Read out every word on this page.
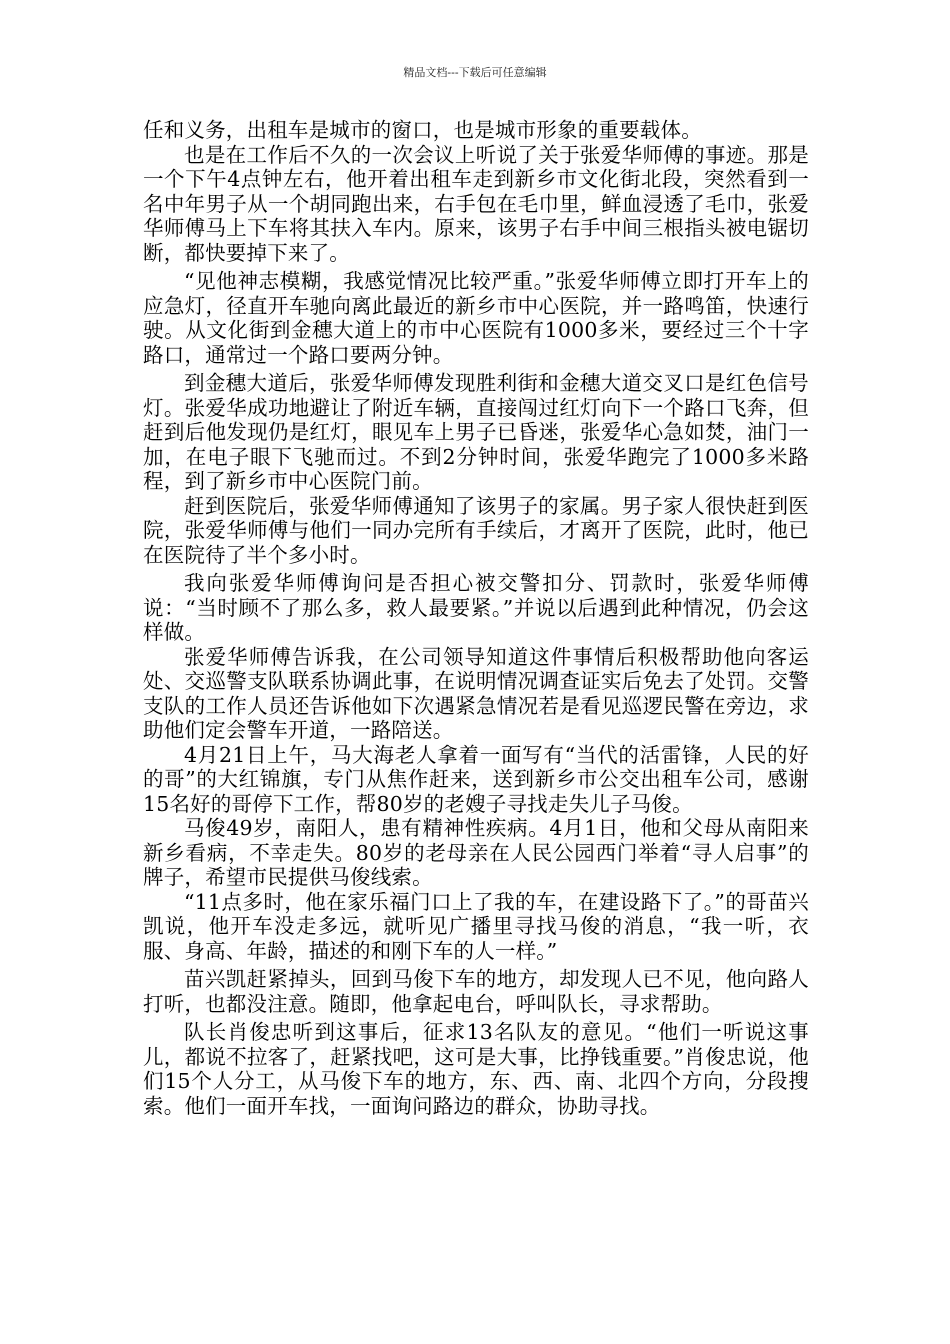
精品文档---下载后可任意编辑

任和义务，出租车是城市的窗口，也是城市形象的重要载体。

也是在工作后不久的一次会议上听说了关于张爱华师傅的事迹。那是一个下午4点钟左右，他开着出租车走到新乡市文化街北段，突然看到一名中年男子从一个胡同跑出来，右手包在毛巾里，鲜血浸透了毛巾，张爱华师傅马上下车将其扶入车内。原来，该男子右手中间三根指头被电锯切断，都快要掉下来了。

“见他神志模糊，我感觉情况比较严重。”张爱华师傅立即打开车上的应急灯，径直开车驰向离此最近的新乡市中心医院，并一路鸣笛，快速行驶。从文化街到金穗大道上的市中心医院有1000多米，要经过三个十字路口，通常过一个路口要两分钟。

到金穗大道后，张爱华师傅发现胜利街和金穗大道交叉口是红色信号灯。张爱华成功地避让了附近车辆，直接闯过红灯向下一个路口飞奔，但赶到后他发现仍是红灯，眼见车上男子已昏迷，张爱华心急如焚，油门一加，在电子眼下飞驰而过。不到2分钟时间，张爱华跑完了1000多米路程，到了新乡市中心医院门前。

赶到医院后，张爱华师傅通知了该男子的家属。男子家人很快赶到医院，张爱华师傅与他们一同办完所有手续后，才离开了医院，此时，他已在医院待了半个多小时。

我向张爱华师傅询问是否担心被交警扣分、罚款时，张爱华师傅说：“当时顾不了那么多，救人最要紧。”并说以后遇到此种情况，仍会这样做。

张爱华师傅告诉我，在公司领导知道这件事情后积极帮助他向客运处、交巡警支队联系协调此事，在说明情况调查证实后免去了处罚。交警支队的工作人员还告诉他如下次遇紧急情况若是看见巡逻民警在旁边，求助他们定会警车开道，一路陪送。

4月21日上午，马大海老人拿着一面写有“当代的活雷锋，人民的好的哥”的大红锦旗，专门从焦作赶来，送到新乡市公交出租车公司，感谢15名好的哥停下工作，帮80岁的老嫂子寻找走失儿子马俊。

马俊49岁，南阳人，患有精神性疾病。4月1日，他和父母从南阳来新乡看病，不幸走失。80岁的老母亲在人民公园西门举着“寻人启事”的牌子，希望市民提供马俊线索。

“11点多时，他在家乐福门口上了我的车，在建设路下了。”的哥苗兴凯说，他开车没走多远，就听见广播里寻找马俊的消息，“我一听，衣服、身高、年龄，描述的和刚下车的人一样。”

苗兴凯赶紧掉头，回到马俊下车的地方，却发现人已不见，他向路人打听，也都没注意。随即，他拿起电台，呼叫队长，寻求帮助。

队长肖俊忠听到这事后，征求13名队友的意见。“他们一听说这事儿，都说不拉客了，赶紧找吧，这可是大事，比挣钱重要。”肖俊忠说，他们15个人分工，从马俊下车的地方，东、西、南、北四个方向，分段搜索。他们一面开车找，一面询问路边的群众，协助寻找。
